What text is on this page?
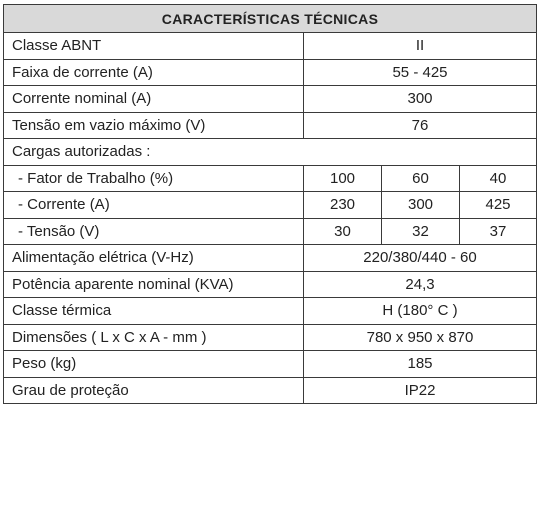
CARACTERÍSTICAS TÉCNICAS			
Classe ABNT	II		
Faixa de corrente (A)	55 - 425		
Corrente nominal (A)	300		
Tensão em vazio máximo (V)	76		
Cargas autorizadas :			
- Fator de Trabalho (%)	100	60	40
- Corrente (A)	230	300	425
- Tensão (V)	30	32	37
Alimentação elétrica (V-Hz)	220/380/440 - 60		
Potência aparente nominal (KVA)	24,3		
Classe térmica	H (180° C )		
Dimensões ( L x C x A - mm )	780 x 950 x 870		
Peso (kg)	185		
Grau de proteção	IP22		
